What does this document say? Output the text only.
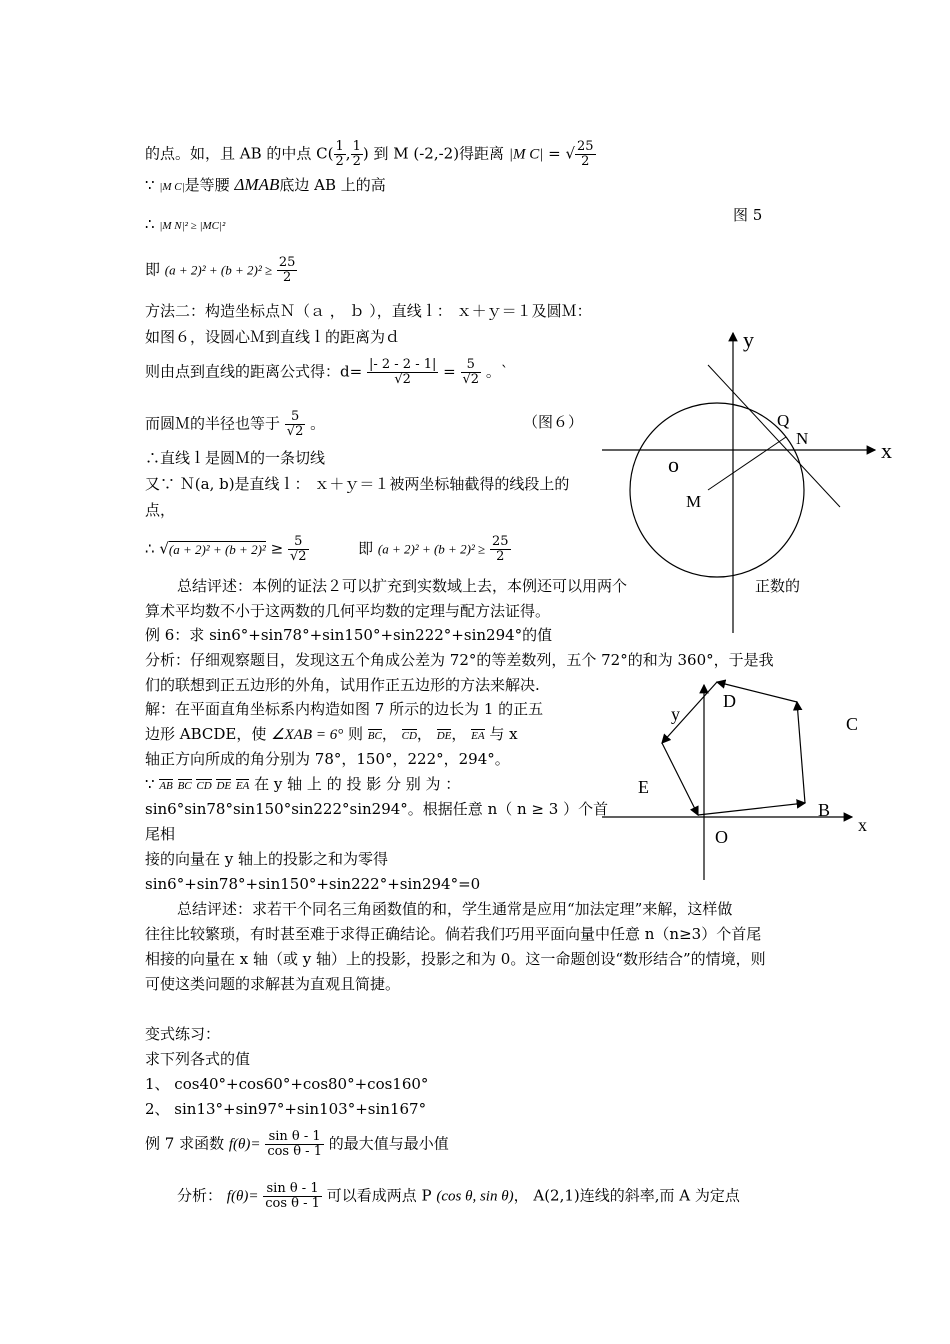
的点。如，且 AB 的中点 $C( \frac{1}{2}$ , $\frac{1}{2}$ ) 到 M (-2,-2)得距离 |M C| = √ $\frac{25}{2}$
∵ |M C|是等腰 ΔMAB底边 AB 上的高
∴ |M N|² ≥ |MC|²
图 5
即 $(a + 2)^2 + (b + 2)^2 \ge \frac{25}{2}$
方法二：构造坐标点Ｎ（ａ ， ｂ ），直线ｌ： ｘ＋ｙ＝１及圆Ｍ：
如图６，设圆心Ｍ到直线ｌ的距离为ｄ
则由点到直线的距离公式得：$d= \frac{|- 2 - 2 - 1|}{√2} = \frac{5}{√2}$ 。`
而圆Ｍ的半径也等于 $\frac{5}{√2}$ 。	（图６）
∴直线ｌ是圆Ｍ的一条切线
又∵ Ｎ(a, b)是直线ｌ： ｘ＋ｙ＝１被两坐标轴截得的线段上的
点，
∴ $√(a + 2)^2 + (b + 2)^2 \ge \frac{5}{√2}$	即 $(a + 2)^2 + (b + 2)^2 \ge \frac{25}{2}$
总结评述：本例的证法２可以扩充到实数域上去，本例还可以用两个	正数的
算术平均数不小于这两数的几何平均数的定理与配方法证得。
例 6：求 sin6°+sin78°+sin150°+sin222°+sin294°的值
分析：仔细观察题目，发现这五个角成公差为 72°的等差数列，五个 72°的和为 360°，于是我
们的联想到正五边形的外角，试用作正五边形的方法来解决.
解：在平面直角坐标系内构造如图 7 所示的边长为 1 的正五
边形 ABCDE，使 ∠XAB = 6° 则 BC， CD， DE， EA 与 x
轴正方向所成的角分别为 78°，150°，222°，294°。
∵ AB BC CD DE EA 在 y 轴 上 的 投 影 分 别 为 ：
sin6°sin78°sin150°sin222°sin294°。根据任意 n（ n ≥ 3 ）个首
尾相
接的向量在 y 轴上的投影之和为零得
sin6°+sin78°+sin150°+sin222°+sin294°=0
总结评述：求若干个同名三角函数值的和，学生通常是应用“加法定理”来解，这样做
往往比较繁琐，有时甚至难于求得正确结论。倘若我们巧用平面向量中任意 n（n≥3）个首尾
相接的向量在 x 轴（或 y 轴）上的投影，投影之和为 0。这一命题创设“数形结合”的情境，则
可使这类问题的求解甚为直观且简捷。
变式练习：
求下列各式的值
1、 cos40°+cos60°+cos80°+cos160°
2、 sin13°+sin97°+sin103°+sin167°
例 7 求函数 $f(\theta)= \frac{\text{sin θ - 1}}{\text{cos θ - 1}}$ 的最大值与最小值
分析： $f(\theta)= \frac{\text{sin θ - 1}}{\text{cos θ - 1}}$ 可以看成两点 P (cos θ, sin θ)， A(2,1)连线的斜率,而 A 为定点
y
x
o
Q
N
M
y
x
O
B
C
D
E
